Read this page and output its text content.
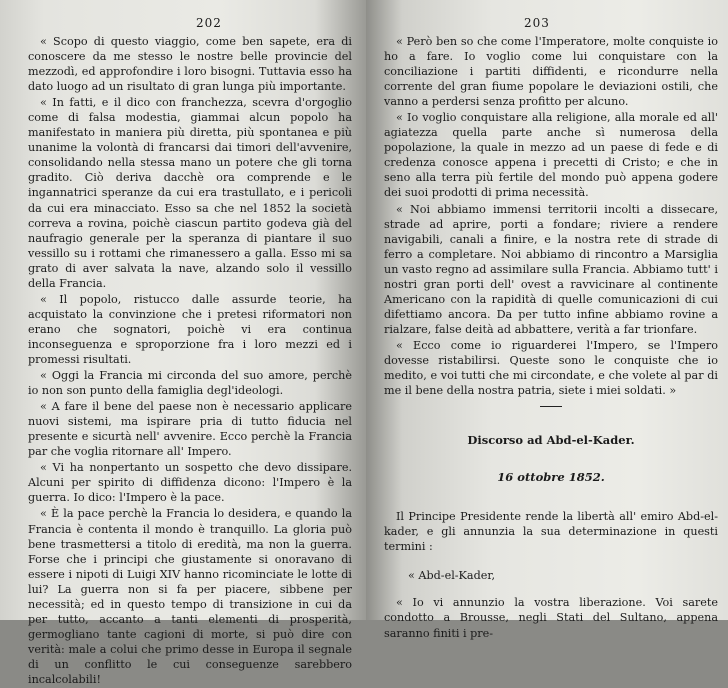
202

« Scopo di questo viaggio, come ben sapete, era di conoscere da me stesso le nostre belle provincie del mezzodì, ed approfondire i loro bisogni. Tuttavia esso ha dato luogo ad un risultato di gran lunga più importante.

« In fatti, e il dico con franchezza, scevra d'orgoglio come di falsa modestia, giammai alcun popolo ha manifestato in maniera più diretta, più spontanea e più unanime la volontà di francarsi dai timori dell'avvenire, consolidando nella stessa mano un potere che gli torna gradito. Ciò deriva dacchè ora comprende e le ingannatrici speranze da cui era trastullato, e i pericoli da cui era minacciato. Esso sa che nel 1852 la società correva a rovina, poichè ciascun partito godeva già del naufragio generale per la speranza di piantare il suo vessillo su i rottami che rimanessero a galla. Esso mi sa grato di aver salvata la nave, alzando solo il vessillo della Francia.

« Il popolo, ristucco dalle assurde teorie, ha acquistato la convinzione che i pretesi riformatori non erano che sognatori, poichè vi era continua inconseguenza e sproporzione fra i loro mezzi ed i promessi risultati.

« Oggi la Francia mi circonda del suo amore, perchè io non son punto della famiglia degl'ideologi.

« A fare il bene del paese non è necessario applicare nuovi sistemi, ma ispirare pria di tutto fiducia nel presente e sicurtà nell' avvenire. Ecco perchè la Francia par che voglia ritornare all' Impero.

« Vi ha nonpertanto un sospetto che devo dissipare. Alcuni per spirito di diffidenza dicono: l'Impero è la guerra. Io dico: l'Impero è la pace.

« È la pace perchè la Francia lo desidera, e quando la Francia è contenta il mondo è tranquillo. La gloria può bene trasmettersi a titolo di eredità, ma non la guerra. Forse che i principi che giustamente si onoravano di essere i nipoti di Luigi XIV hanno ricominciate le lotte di lui? La guerra non si fa per piacere, sibbene per necessità; ed in questo tempo di transizione in cui da per tutto, accanto a tanti elementi di prosperità, germogliano tante cagioni di morte, si può dire con verità: male a colui che primo desse in Europa il segnale di un conflitto le cui conseguenze sarebbero incalcolabili!

203

« Però ben so che come l'Imperatore, molte conquiste io ho a fare. Io voglio come lui conquistare con la conciliazione i partiti diffidenti, e ricondurre nella corrente del gran fiume popolare le deviazioni ostili, che vanno a perdersi senza profitto per alcuno.

« Io voglio conquistare alla religione, alla morale ed all' agiatezza quella parte anche sì numerosa della popolazione, la quale in mezzo ad un paese di fede e di credenza conosce appena i precetti di Cristo; e che in seno alla terra più fertile del mondo può appena godere dei suoi prodotti di prima necessità.

« Noi abbiamo immensi territorii incolti a dissecare, strade ad aprire, porti a fondare; riviere a rendere navigabili, canali a finire, e la nostra rete di strade di ferro a completare. Noi abbiamo di rincontro a Marsiglia un vasto regno ad assimilare sulla Francia. Abbiamo tutt' i nostri gran porti dell' ovest a ravvicinare al continente Americano con la rapidità di quelle comunicazioni di cui difettiamo ancora. Da per tutto infine abbiamo rovine a rialzare, false deità ad abbattere, verità a far trionfare.

« Ecco come io riguarderei l'Impero, se l'Impero dovesse ristabilirsi. Queste sono le conquiste che io medito, e voi tutti che mi circondate, e che volete al par di me il bene della nostra patria, siete i miei soldati. »

Discorso ad Abd-el-Kader.
16 ottobre 1852.

Il Principe Presidente rende la libertà all' emiro Abd-el-kader, e gli annunzia la sua determinazione in questi termini :

« Abd-el-Kader,

« Io vi annunzio la vostra liberazione. Voi sarete condotto a Brousse, negli Stati del Sultano, appena saranno finiti i pre-
